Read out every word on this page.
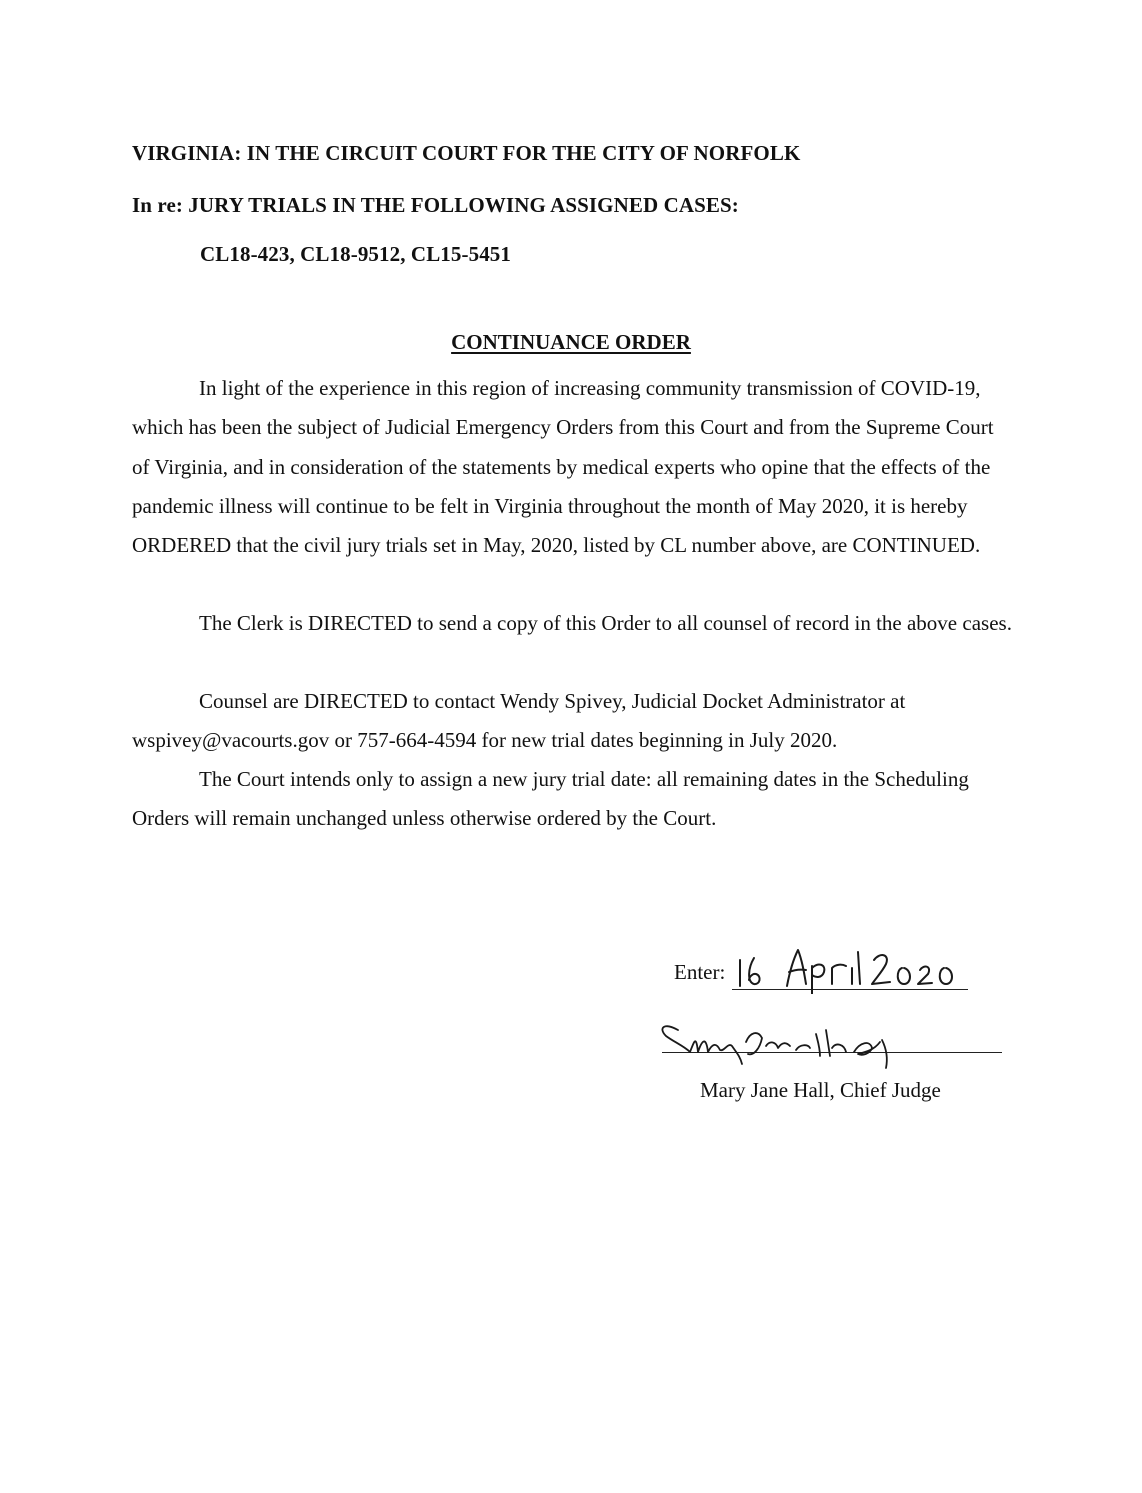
VIRGINIA: IN THE CIRCUIT COURT FOR THE CITY OF NORFOLK
In re: JURY TRIALS IN THE FOLLOWING ASSIGNED CASES:
CL18-423, CL18-9512, CL15-5451
CONTINUANCE ORDER
In light of the experience in this region of increasing community transmission of COVID-19, which has been the subject of Judicial Emergency Orders from this Court and from the Supreme Court of Virginia, and in consideration of the statements by medical experts who opine that the effects of the pandemic illness will continue to be felt in Virginia throughout the month of May 2020, it is hereby ORDERED that the civil jury trials set in May, 2020, listed by CL number above, are CONTINUED.
The Clerk is DIRECTED to send a copy of this Order to all counsel of record in the above cases.
Counsel are DIRECTED to contact Wendy Spivey, Judicial Docket Administrator at wspivey@vacourts.gov or 757-664-4594 for new trial dates beginning in July 2020.
The Court intends only to assign a new jury trial date: all remaining dates in the Scheduling Orders will remain unchanged unless otherwise ordered by the Court.
Enter:
Mary Jane Hall, Chief Judge
